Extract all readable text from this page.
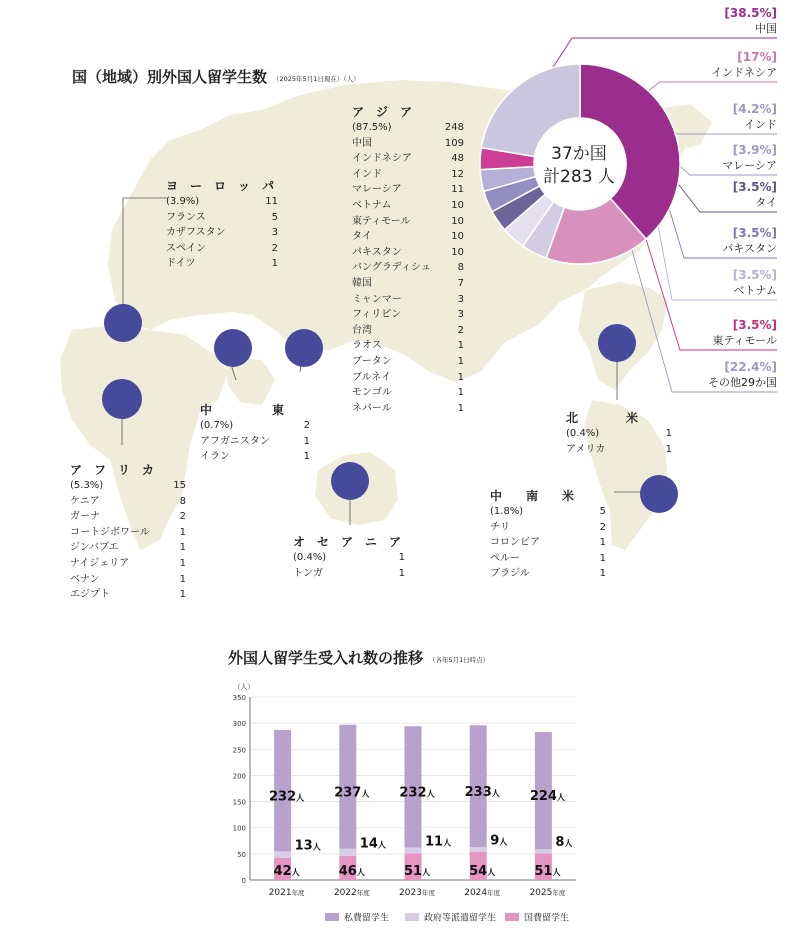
国（地域）別外国人留学生数 （2025年5月1日現在）（人）
37か国
計283 人
[38.5%]
中国
[17%]
インドネシア
[4.2%]
インド
[3.9%]
マレーシア
[3.5%]
タイ
[3.5%]
パキスタン
[3.5%]
ベトナム
[3.5%]
東ティモール
[22.4%]
その他29か国
ア　ジ　ア
(87.5%)	248
中国	109
インドネシア	48
インド	12
マレーシア	11
ベトナム	10
東ティモール	10
タイ	10
パキスタン	10
バングラディシュ	8
韓国	7
ミャンマー	3
フィリピン	3
台湾	2
ラオス	1
ブータン	1
ブルネイ	1
モンゴル	1
ネパール	1
ヨ　ー　ロ　ッ　パ
(3.9%)	11
フランス	5
カザフスタン	3
スペイン	2
ドイツ	1
中　　　　　東
(0.7%)	2
アフガニスタン	1
イラン	1
ア　フ　リ　カ
(5.3%)	15
ケニア	8
ガーナ	2
コートジボワール	1
ジンバブエ	1
ナイジェリア	1
ベナン	1
エジプト	1
オ　セ　ア　ニ　ア
(0.4%)	1
トンガ	1
北　　　　米
(0.4%)	1
アメリカ	1
中　　南　　米
(1.8%)	5
チリ	2
コロンビア	1
ペルー	1
ブラジル	1
外国人留学生受入れ数の推移 （各年5月1日時点）
0
50
100
150
200
250
300
350
（人）
42人
13人
232人
2021年度
46人
14人
237人
2022年度
51人
11人
232人
2023年度
54人
9人
233人
2024年度
51人
8人
224人
2025年度
私費留学生	政府等派遣留学生	国費留学生
